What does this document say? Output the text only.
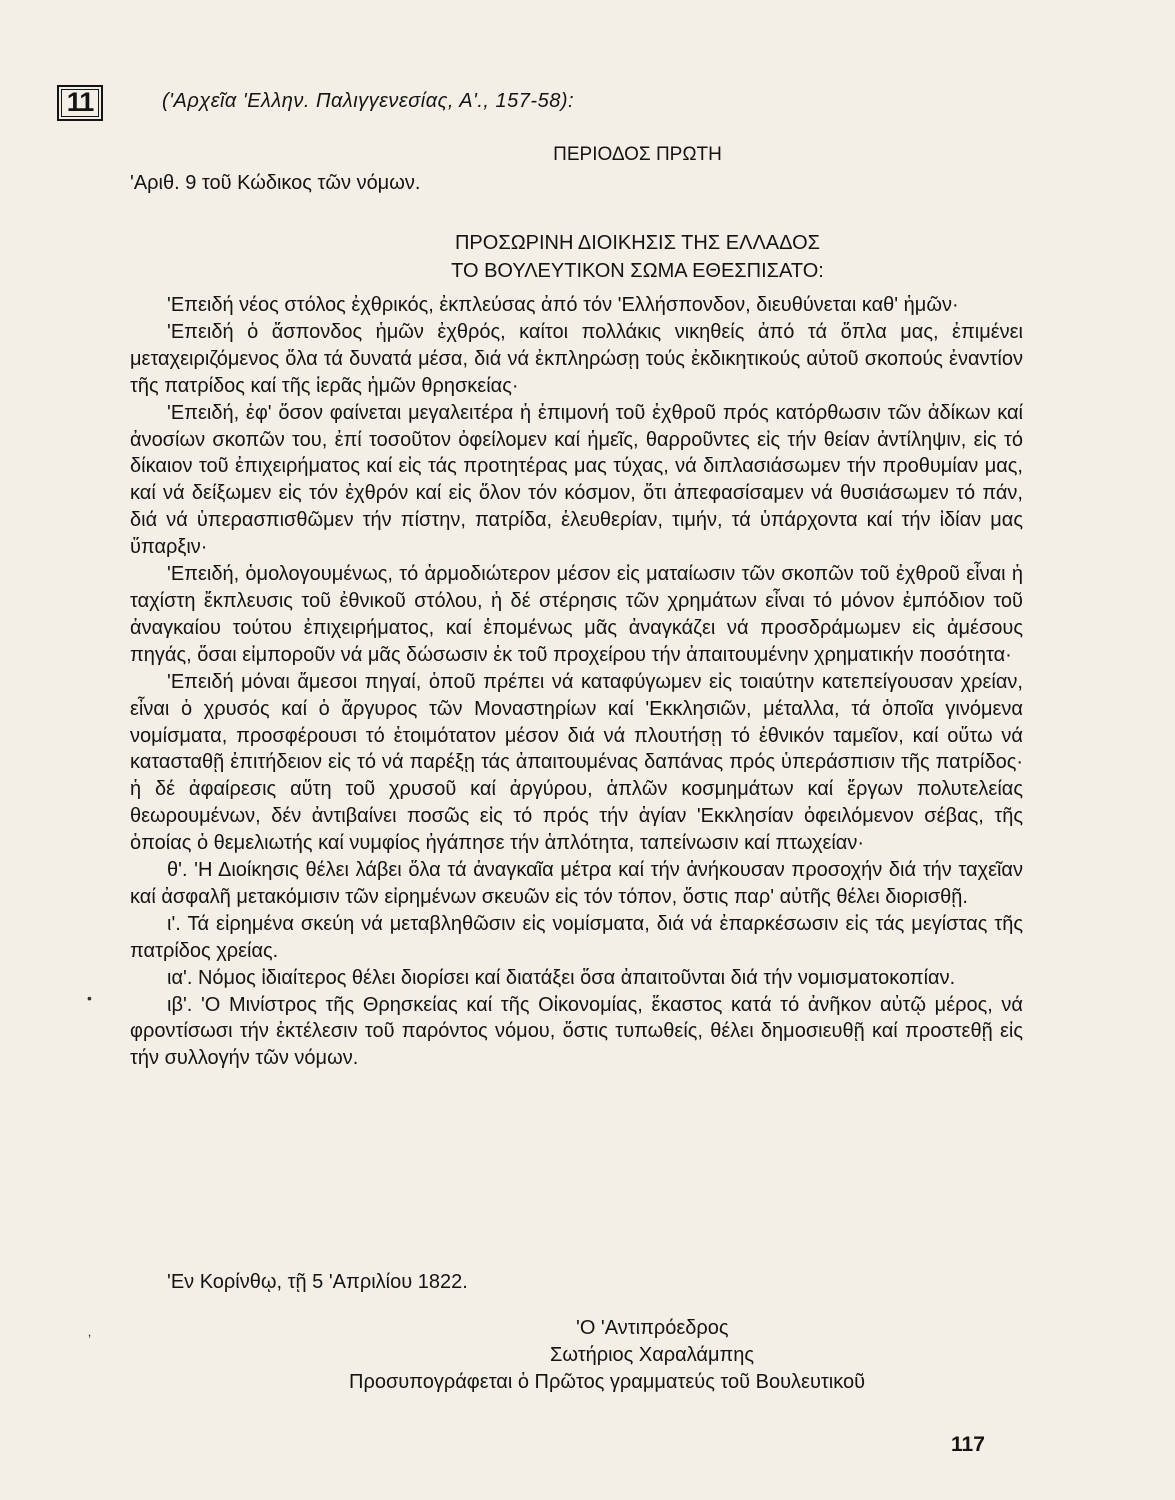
11	('Αρχεῖα 'Ελλην. Παλιγγενεσίας, Α'., 157-58):
ΠΕΡΙΟΔΟΣ ΠΡΩΤΗ
'Αριθ. 9 τοῦ Κώδικος τῶν νόμων.
ΠΡΟΣΩΡΙΝΗ ΔΙΟΙΚΗΣΙΣ ΤΗΣ ΕΛΛΑΔΟΣ
ΤΟ ΒΟΥΛΕΥΤΙΚΟΝ ΣΩΜΑ ΕΘΕΣΠΙΣΑΤΟ:

'Επειδή νέος στόλος ἐχθρικός, ἐκπλεύσας ἀπό τόν 'Ελλήσπονδον, διευθύνεται καθ' ἡμῶν·

'Επειδή ὁ ἄσπονδος ἡμῶν ἐχθρός, καίτοι πολλάκις νικηθείς ἀπό τά ὅπλα μας, ἐπιμένει μεταχειριζόμενος ὅλα τά δυνατά μέσα, διά νά ἐκπληρώσῃ τούς ἐκδικητικούς αὐτοῦ σκοπούς ἐναντίον τῆς πατρίδος καί τῆς ἱερᾶς ἡμῶν θρησκείας·

'Επειδή, ἐφ' ὅσον φαίνεται μεγαλειτέρα ἡ ἐπιμονή τοῦ ἐχθροῦ πρός κατόρθωσιν τῶν ἀδίκων καί ἀνοσίων σκοπῶν του, ἐπί τοσοῦτον ὀφείλομεν καί ἡμεῖς, θαρροῦντες εἰς τήν θείαν ἀντίληψιν, εἰς τό δίκαιον τοῦ ἐπιχειρήματος καί εἰς τάς προτητέρας μας τύχας, νά διπλασιάσωμεν τήν προθυμίαν μας, καί νά δείξωμεν εἰς τόν ἐχθρόν καί εἰς ὅλον τόν κόσμον, ὅτι ἀπεφασίσαμεν νά θυσιάσωμεν τό πάν, διά νά ὑπερασπισθῶμεν τήν πίστην, πατρίδα, ἐλευθερίαν, τιμήν, τά ὑπάρχοντα καί τήν ἰδίαν μας ὕπαρξιν·

'Επειδή, ὁμολογουμένως, τό ἁρμοδιώτερον μέσον εἰς ματαίωσιν τῶν σκοπῶν τοῦ ἐχθροῦ εἶναι ἡ ταχίστη ἔκπλευσις τοῦ ἐθνικοῦ στόλου, ἡ δέ στέρησις τῶν χρημάτων εἶναι τό μόνον ἐμπόδιον τοῦ ἀναγκαίου τούτου ἐπιχειρήματος, καί ἑπομένως μᾶς ἀναγκάζει νά προσδράμωμεν εἰς ἀμέσους πηγάς, ὅσαι εἰμποροῦν νά μᾶς δώσωσιν ἐκ τοῦ προχείρου τήν ἀπαιτουμένην χρηματικήν ποσότητα·

'Επειδή μόναι ἄμεσοι πηγαί, ὁποῦ πρέπει νά καταφύγωμεν εἰς τοιαύτην κατεπείγουσαν χρείαν, εἶναι ὁ χρυσός καί ὁ ἄργυρος τῶν Μοναστηρίων καί 'Εκκλησιῶν, μέταλλα, τά ὁποῖα γινόμενα νομίσματα, προσφέρουσι τό ἑτοιμότατον μέσον διά νά πλουτήσῃ τό ἐθνικόν ταμεῖον, καί οὕτω νά κατασταθῇ ἐπιτήδειον εἰς τό νά παρέξῃ τάς ἀπαιτουμένας δαπάνας πρός ὑπεράσπισιν τῆς πατρίδος· ἡ δέ ἀφαίρεσις αὕτη τοῦ χρυσοῦ καί ἀργύρου, ἁπλῶν κοσμημάτων καί ἔργων πολυτελείας θεωρουμένων, δέν ἀντιβαίνει ποσῶς εἰς τό πρός τήν ἁγίαν 'Εκκλησίαν ὀφειλόμενον σέβας, τῆς ὁποίας ὁ θεμελιωτής καί νυμφίος ἠγάπησε τήν ἁπλότητα, ταπείνωσιν καί πτωχείαν·

θ'. 'Η Διοίκησις θέλει λάβει ὅλα τά ἀναγκαῖα μέτρα καί τήν ἀνήκουσαν προσοχήν διά τήν ταχεῖαν καί ἀσφαλῆ μετακόμισιν τῶν εἰρημένων σκευῶν εἰς τόν τόπον, ὅστις παρ' αὐτῆς θέλει διορισθῇ.

ι'. Τά εἰρημένα σκεύη νά μεταβληθῶσιν εἰς νομίσματα, διά νά ἐπαρκέσωσιν εἰς τάς μεγίστας τῆς πατρίδος χρείας.

ια'. Νόμος ἰδιαίτερος θέλει διορίσει καί διατάξει ὅσα ἀπαιτοῦνται διά τήν νομισματοκοπίαν.

ιβ'. 'Ο Μινίστρος τῆς Θρησκείας καί τῆς Οἰκονομίας, ἕκαστος κατά τό ἀνῆκον αὐτῷ μέρος, νά φροντίσωσι τήν ἐκτέλεσιν τοῦ παρόντος νόμου, ὅστις τυπωθείς, θέλει δημοσιευθῇ καί προστεθῇ εἰς τήν συλλογήν τῶν νόμων.

'Εν Κορίνθῳ, τῇ 5 'Απριλίου 1822.
'Ο 'Αντιπρόεδρος
Σωτήριος Χαραλάμπης
Προσυπογράφεται ὁ Πρῶτος γραμματεύς τοῦ Βουλευτικοῦ
117
•
ʼ
